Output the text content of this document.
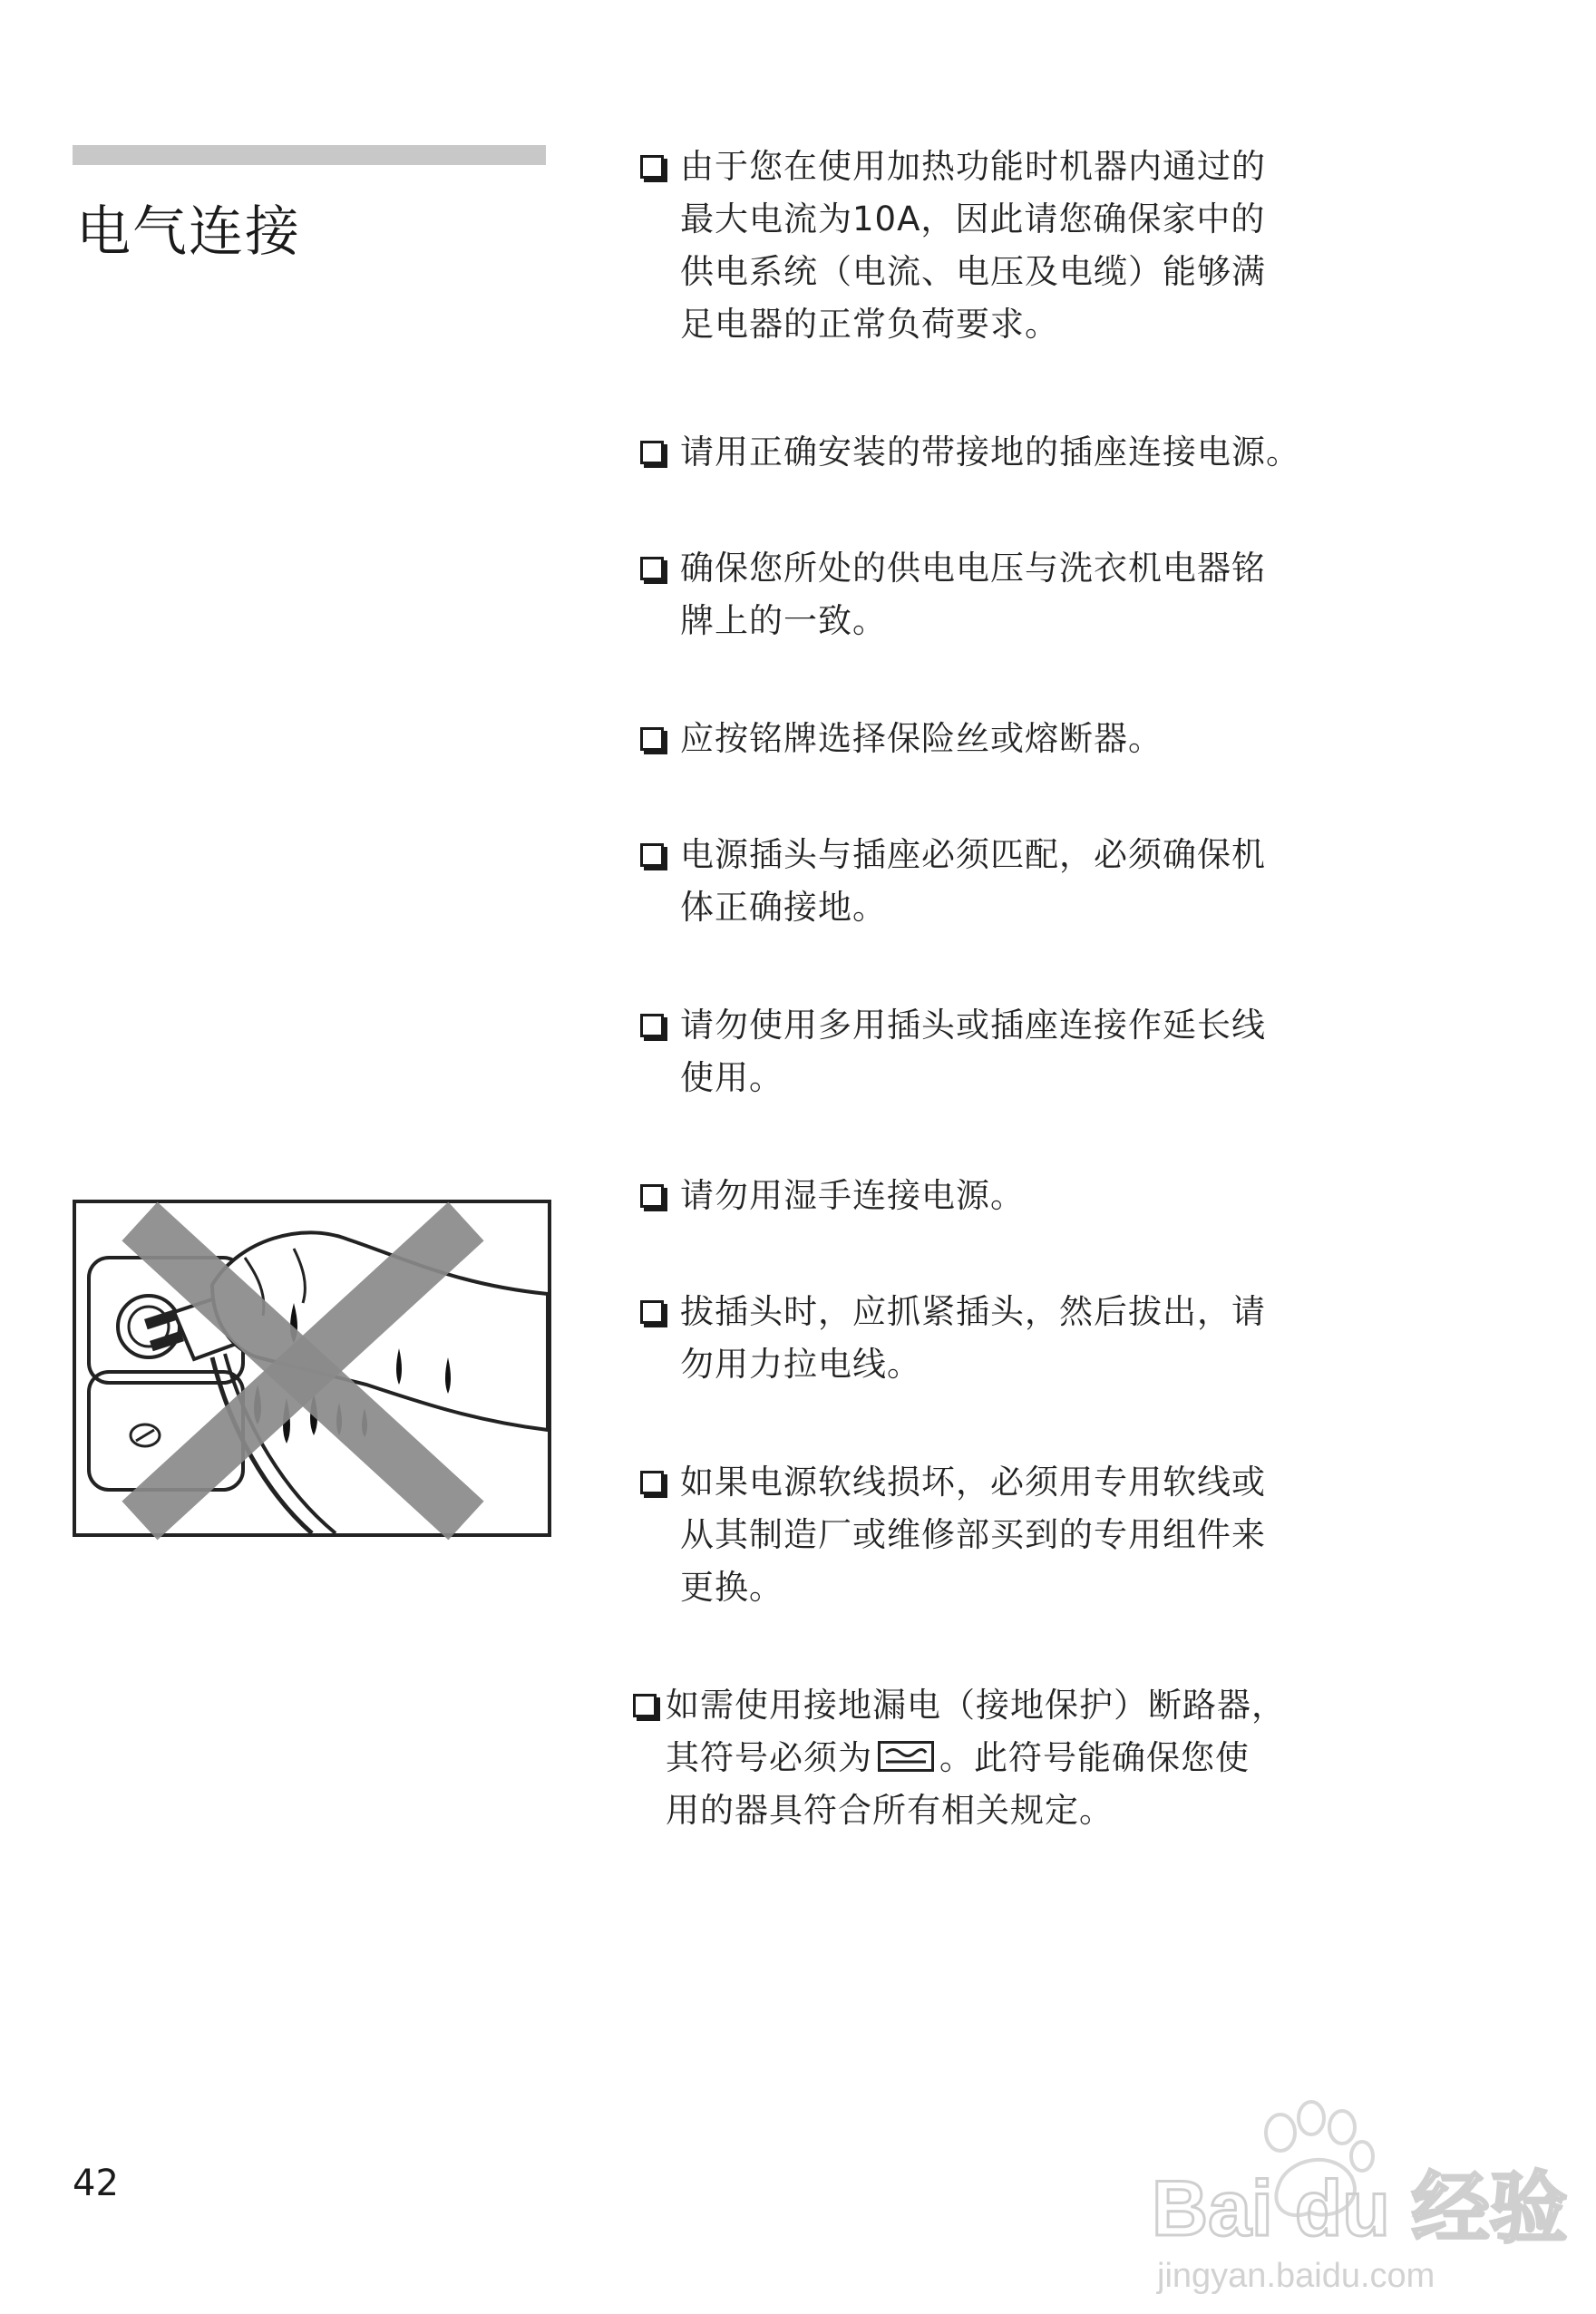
电气连接
由于您在使用加热功能时机器内通过的
最大电流为10A，因此请您确保家中的
供电系统（电流、电压及电缆）能够满
足电器的正常负荷要求。
请用正确安装的带接地的插座连接电源。
确保您所处的供电电压与洗衣机电器铭
牌上的一致。
应按铭牌选择保险丝或熔断器。
电源插头与插座必须匹配，必须确保机
体正确接地。
请勿使用多用插头或插座连接作延长线
使用。
请勿用湿手连接电源。
拔插头时，应抓紧插头，然后拔出，请
勿用力拉电线。
如果电源软线损坏，必须用专用软线或
从其制造厂或维修部买到的专用组件来
更换。
如需使用接地漏电（接地保护）断路器，
其符号必须为 。此符号能确保您使
用的器具符合所有相关规定。
42	Bai du 经验
jingyan.baidu.com
